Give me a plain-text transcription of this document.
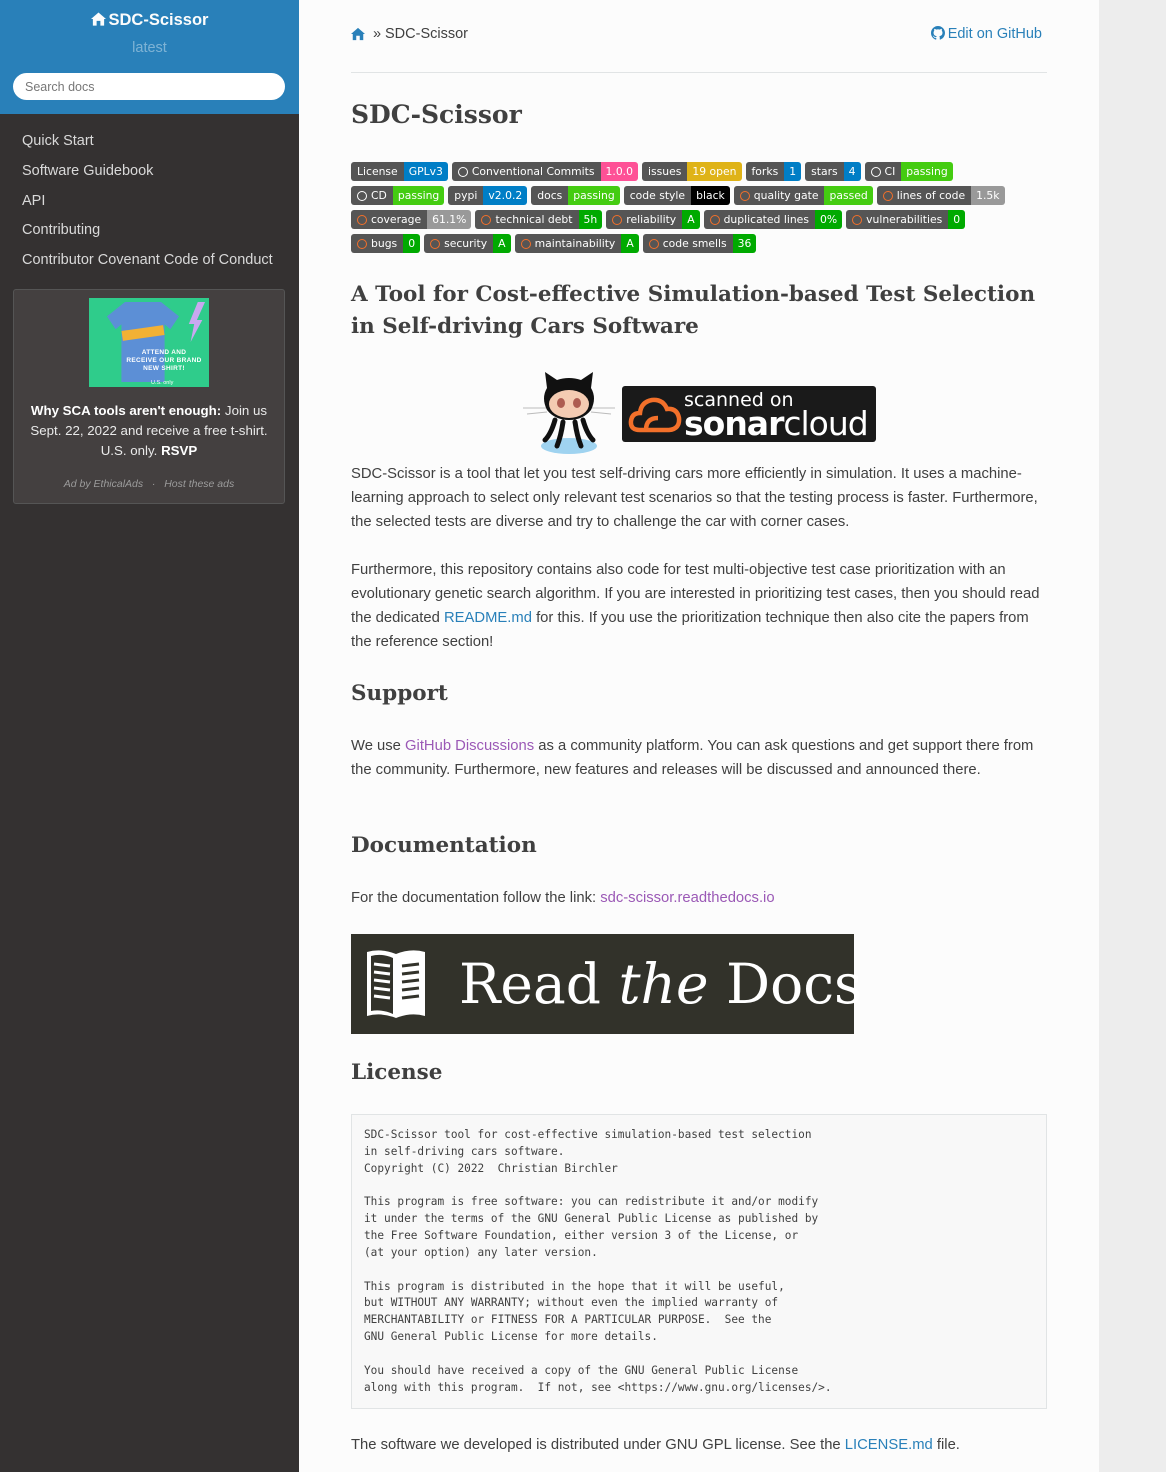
SDC-Scissor
latest
Search docs
Quick Start
Software Guidebook
API
Contributing
Contributor Covenant Code of Conduct
ATTEND AND
RECEIVE OUR BRAND
NEW SHIRT!
U.S. only
Why SCA tools aren't enough: Join us Sept. 22, 2022 and receive a free t-shirt. U.S. only. RSVP
Ad by EthicalAds · Host these ads
» SDC-Scissor	Edit on GitHub
SDC-Scissor
License	GPLv3	Conventional Commits	1.0.0	issues	19 open	forks	1	stars	4	CI	passing
CD	passing	pypi	v2.0.2	docs	passing	code style	black	quality gate	passed	lines of code	1.5k
coverage	61.1%	technical debt	5h	reliability	A	duplicated lines	0%	vulnerabilities	0
bugs	0	security	A	maintainability	A	code smells	36
A Tool for Cost-effective Simulation-based Test Selection in Self-driving Cars Software
scanned on
sonarcloud

SDC-Scissor is a tool that let you test self-driving cars more efficiently in simulation. It uses a machine-learning approach to select only relevant test scenarios so that the testing process is faster. Furthermore, the selected tests are diverse and try to challenge the car with corner cases.

Furthermore, this repository contains also code for test multi-objective test case prioritization with an evolutionary genetic search algorithm. If you are interested in prioritizing test cases, then you should read the dedicated README.md for this. If you use the prioritization technique then also cite the papers from the reference section!

Support

We use GitHub Discussions as a community platform. You can ask questions and get support there from the community. Furthermore, new features and releases will be discussed and announced there.

Documentation

For the documentation follow the link: sdc-scissor.readthedocs.io

Read the Docs
License
SDC-Scissor tool for cost-effective simulation-based test selection
in self-driving cars software.
Copyright (C) 2022  Christian Birchler

This program is free software: you can redistribute it and/or modify
it under the terms of the GNU General Public License as published by
the Free Software Foundation, either version 3 of the License, or
(at your option) any later version.

This program is distributed in the hope that it will be useful,
but WITHOUT ANY WARRANTY; without even the implied warranty of
MERCHANTABILITY or FITNESS FOR A PARTICULAR PURPOSE.  See the
GNU General Public License for more details.

You should have received a copy of the GNU General Public License
along with this program.  If not, see <https://www.gnu.org/licenses/>.

The software we developed is distributed under GNU GPL license. See the LICENSE.md file.
